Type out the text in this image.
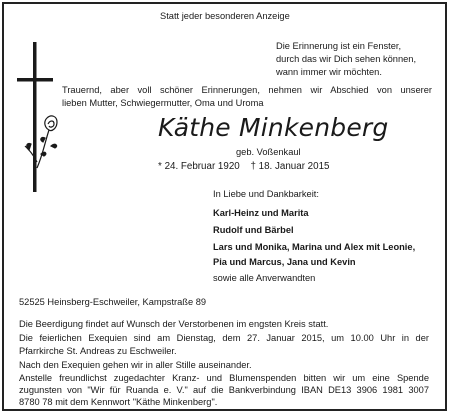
Statt jeder besonderen Anzeige
Die Erinnerung ist ein Fenster,
durch das wir Dich sehen können,
wann immer wir möchten.
Trauernd, aber voll schöner Erinnerungen, nehmen wir Abschied von unserer
lieben Mutter, Schwiegermutter, Oma und Uroma
Käthe Minkenberg
geb. Voßenkaul
* 24. Februar 1920 † 18. Januar 2015
In Liebe und Dankbarkeit:
Karl-Heinz und Marita
Rudolf und Bärbel
Lars und Monika, Marina und Alex mit Leonie,
Pia und Marcus, Jana und Kevin
sowie alle Anverwandten
52525 Heinsberg-Eschweiler, Kampstraße 89
Die Beerdigung findet auf Wunsch der Verstorbenen im engsten Kreis statt.
Die feierlichen Exequien sind am Dienstag, dem 27. Januar 2015, um 10.00 Uhr in der
Pfarrkirche St. Andreas zu Eschweiler.
Nach den Exequien gehen wir in aller Stille auseinander.
Anstelle freundlichst zugedachter Kranz- und Blumenspenden bitten wir um eine Spende
zugunsten von "Wir für Ruanda e. V." auf die Bankverbindung IBAN DE13 3906 1981 3007
8780 78 mit dem Kennwort "Käthe Minkenberg".
